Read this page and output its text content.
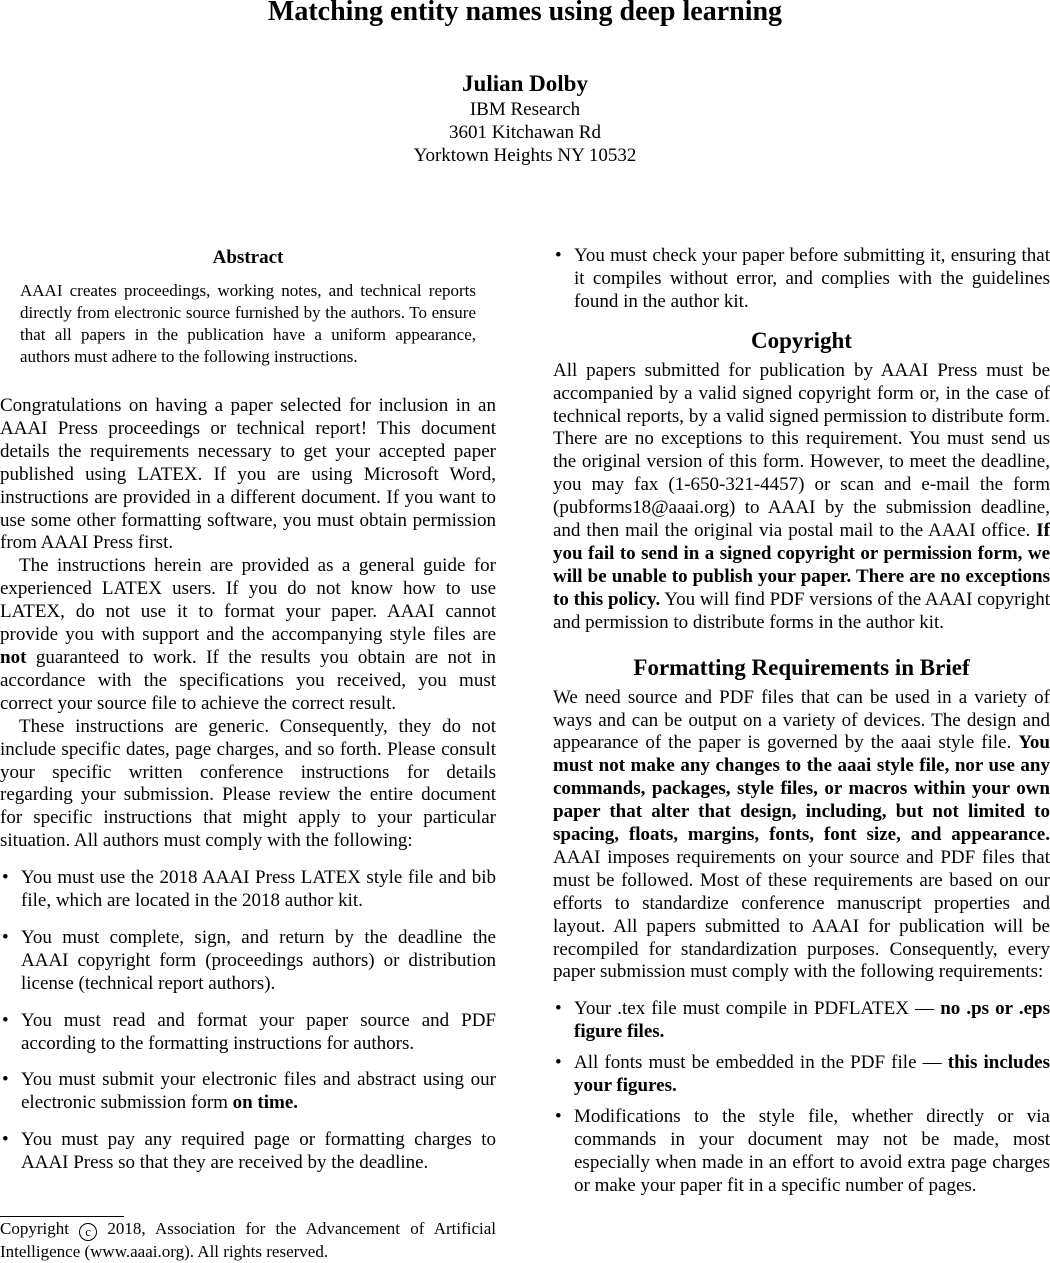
Matching entity names using deep learning
Julian Dolby
IBM Research
3601 Kitchawan Rd
Yorktown Heights NY 10532
Abstract
AAAI creates proceedings, working notes, and technical reports directly from electronic source furnished by the authors. To ensure that all papers in the publication have a uniform appearance, authors must adhere to the following instructions.

Congratulations on having a paper selected for inclusion in an AAAI Press proceedings or technical report! This document details the requirements necessary to get your accepted paper published using LATEX. If you are using Microsoft Word, instructions are provided in a different document. If you want to use some other formatting software, you must obtain permission from AAAI Press first.

The instructions herein are provided as a general guide for experienced LATEX users. If you do not know how to use LATEX, do not use it to format your paper. AAAI cannot provide you with support and the accompanying style files are not guaranteed to work. If the results you obtain are not in accordance with the specifications you received, you must correct your source file to achieve the correct result.

These instructions are generic. Consequently, they do not include specific dates, page charges, and so forth. Please consult your specific written conference instructions for details regarding your submission. Please review the entire document for specific instructions that might apply to your particular situation. All authors must comply with the following:

• You must use the 2018 AAAI Press LATEX style file and bib file, which are located in the 2018 author kit.
• You must complete, sign, and return by the deadline the AAAI copyright form (proceedings authors) or distribution license (technical report authors).
• You must read and format your paper source and PDF according to the formatting instructions for authors.
• You must submit your electronic files and abstract using our electronic submission form on time.
• You must pay any required page or formatting charges to AAAI Press so that they are received by the deadline.
Copyright c 2018, Association for the Advancement of Artificial Intelligence (www.aaai.org). All rights reserved.
• You must check your paper before submitting it, ensuring that it compiles without error, and complies with the guidelines found in the author kit.
Copyright

All papers submitted for publication by AAAI Press must be accompanied by a valid signed copyright form or, in the case of technical reports, by a valid signed permission to distribute form. There are no exceptions to this requirement. You must send us the original version of this form. However, to meet the deadline, you may fax (1-650-321-4457) or scan and e-mail the form (pubforms18@aaai.org) to AAAI by the submission deadline, and then mail the original via postal mail to the AAAI office. If you fail to send in a signed copyright or permission form, we will be unable to publish your paper. There are no exceptions to this policy. You will find PDF versions of the AAAI copyright and permission to distribute forms in the author kit.

Formatting Requirements in Brief

We need source and PDF files that can be used in a variety of ways and can be output on a variety of devices. The design and appearance of the paper is governed by the aaai style file. You must not make any changes to the aaai style file, nor use any commands, packages, style files, or macros within your own paper that alter that design, including, but not limited to spacing, floats, margins, fonts, font size, and appearance. AAAI imposes requirements on your source and PDF files that must be followed. Most of these requirements are based on our efforts to standardize conference manuscript properties and layout. All papers submitted to AAAI for publication will be recompiled for standardization purposes. Consequently, every paper submission must comply with the following requirements:

• Your .tex file must compile in PDFLATEX — no .ps or .eps figure files.
• All fonts must be embedded in the PDF file — this includes your figures.
• Modifications to the style file, whether directly or via commands in your document may not be made, most especially when made in an effort to avoid extra page charges or make your paper fit in a specific number of pages.
